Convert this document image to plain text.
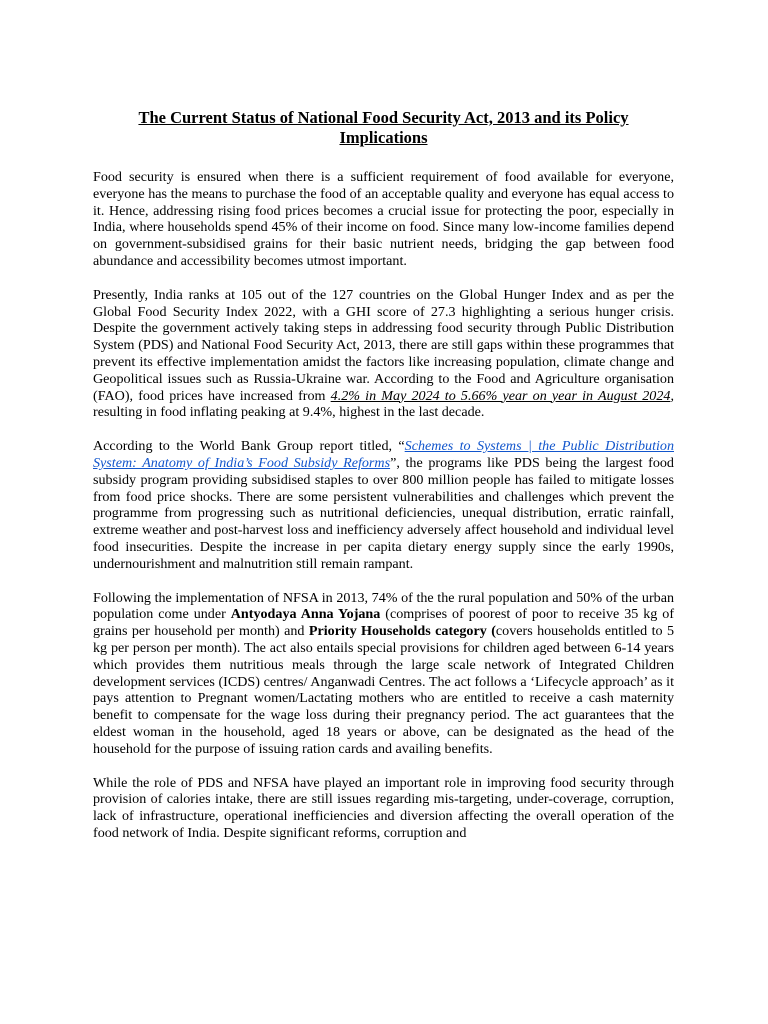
The Current Status of National Food Security Act, 2013 and its Policy Implications

Food security is ensured when there is a sufficient requirement of food available for everyone, everyone has the means to purchase the food of an acceptable quality and everyone has equal access to it. Hence, addressing rising food prices becomes a crucial issue for protecting the poor, especially in India, where households spend 45% of their income on food. Since many low-income families depend on government-subsidised grains for their basic nutrient needs, bridging the gap between food abundance and accessibility becomes utmost important.

Presently, India ranks at 105 out of the 127 countries on the Global Hunger Index and as per the Global Food Security Index 2022, with a GHI score of 27.3 highlighting a serious hunger crisis. Despite the government actively taking steps in addressing food security through Public Distribution System (PDS) and National Food Security Act, 2013, there are still gaps within these programmes that prevent its effective implementation amidst the factors like increasing population, climate change and Geopolitical issues such as Russia-Ukraine war. According to the Food and Agriculture organisation (FAO), food prices have increased from 4.2% in May 2024 to 5.66% year on year in August 2024, resulting in food inflating peaking at 9.4%, highest in the last decade.

According to the World Bank Group report titled, “Schemes to Systems | the Public Distribution System: Anatomy of India’s Food Subsidy Reforms”, the programs like PDS being the largest food subsidy program providing subsidised staples to over 800 million people has failed to mitigate losses from food price shocks. There are some persistent vulnerabilities and challenges which prevent the programme from progressing such as nutritional deficiencies, unequal distribution, erratic rainfall, extreme weather and post-harvest loss and inefficiency adversely affect household and individual level food insecurities. Despite the increase in per capita dietary energy supply since the early 1990s, undernourishment and malnutrition still remain rampant.

Following the implementation of NFSA in 2013, 74% of the the rural population and 50% of the urban population come under Antyodaya Anna Yojana (comprises of poorest of poor to receive 35 kg of grains per household per month) and Priority Households category (covers households entitled to 5 kg per person per month). The act also entails special provisions for children aged between 6-14 years which provides them nutritious meals through the large scale network of Integrated Children development services (ICDS) centres/ Anganwadi Centres. The act follows a ‘Lifecycle approach’ as it pays attention to Pregnant women/Lactating mothers who are entitled to receive a cash maternity benefit to compensate for the wage loss during their pregnancy period. The act guarantees that the eldest woman in the household, aged 18 years or above, can be designated as the head of the household for the purpose of issuing ration cards and availing benefits.

While the role of PDS and NFSA have played an important role in improving food security through provision of calories intake, there are still issues regarding mis-targeting, under-coverage, corruption, lack of infrastructure, operational inefficiencies and diversion affecting the overall operation of the food network of India. Despite significant reforms, corruption and
